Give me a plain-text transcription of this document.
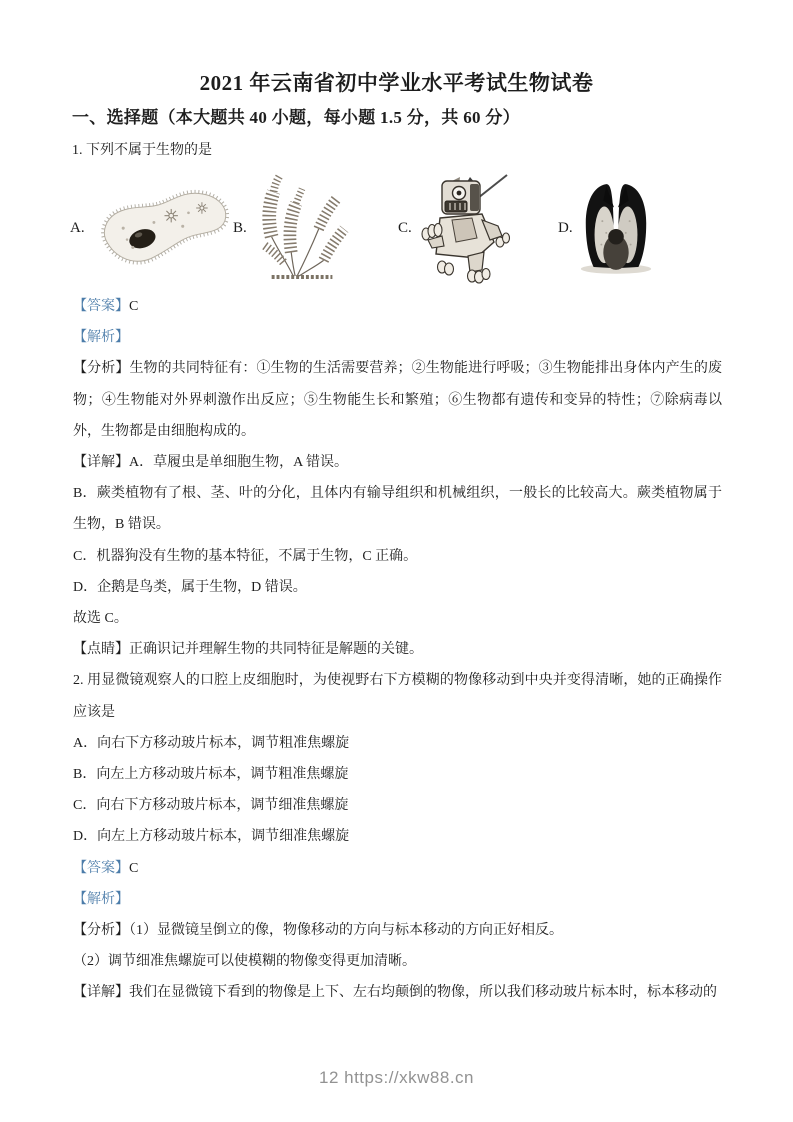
2021 年云南省初中学业水平考试生物试卷
一、选择题（本大题共 40 小题，每小题 1.5 分，共 60 分）
1. 下列不属于生物的是
A.	B.	C.	D.

【答案】C

【解析】

【分析】生物的共同特征有：①生物的生活需要营养；②生物能进行呼吸；③生物能排出身体内产生的废物；④生物能对外界刺激作出反应；⑤生物能生长和繁殖；⑥生物都有遗传和变异的特性；⑦除病毒以外，生物都是由细胞构成的。

【详解】A．草履虫是单细胞生物，A 错误。

B．蕨类植物有了根、茎、叶的分化，且体内有输导组织和机械组织，一般长的比较高大。蕨类植物属于生物，B 错误。

C．机器狗没有生物的基本特征，不属于生物，C 正确。

D．企鹅是鸟类，属于生物，D 错误。

故选 C。

【点睛】正确识记并理解生物的共同特征是解题的关键。

2. 用显微镜观察人的口腔上皮细胞时，为使视野右下方模糊的物像移动到中央并变得清晰，她的正确操作应该是

A．向右下方移动玻片标本，调节粗准焦螺旋

B．向左上方移动玻片标本，调节粗准焦螺旋

C．向右下方移动玻片标本，调节细准焦螺旋

D．向左上方移动玻片标本，调节细准焦螺旋

【答案】C

【解析】

【分析】（1）显微镜呈倒立的像，物像移动的方向与标本移动的方向正好相反。

（2）调节细准焦螺旋可以使模糊的物像变得更加清晰。

【详解】我们在显微镜下看到的物像是上下、左右均颠倒的物像，所以我们移动玻片标本时，标本移动的

12 https://xkw88.cn
